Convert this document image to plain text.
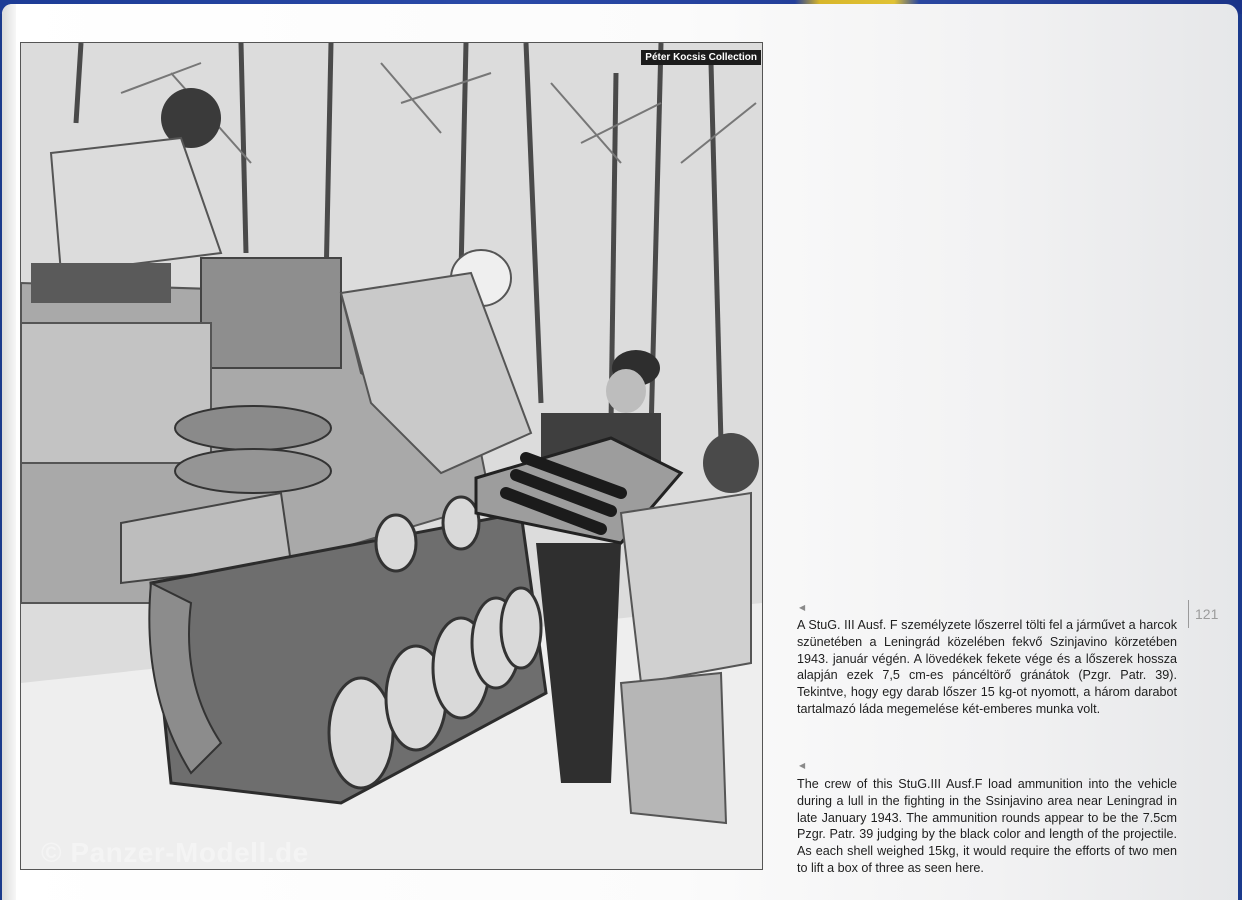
Péter Kocsis Collection
© Panzer-Modell.de
121
◀
A StuG. III Ausf. F személyzete lőszerrel tölti fel a járművet a harcok szünetében a Leningrád közelében fekvő Szinjavino körzetében 1943. január végén. A lövedékek fekete vége és a lőszerek hossza alapján ezek 7,5 cm-es páncéltörő gránátok (Pzgr. Patr. 39). Tekintve, hogy egy darab lőszer 15 kg-ot nyomott, a három darabot tartalmazó láda megemelése két-emberes munka volt.
◀
The crew of this StuG.III Ausf.F load ammunition into the vehicle during a lull in the fighting in the Ssinjavino area near Leningrad in late January 1943. The ammunition rounds appear to be the 7.5cm Pzgr. Patr. 39 judging by the black color and length of the projectile. As each shell weighed 15kg, it would require the efforts of two men to lift a box of three as seen here.
